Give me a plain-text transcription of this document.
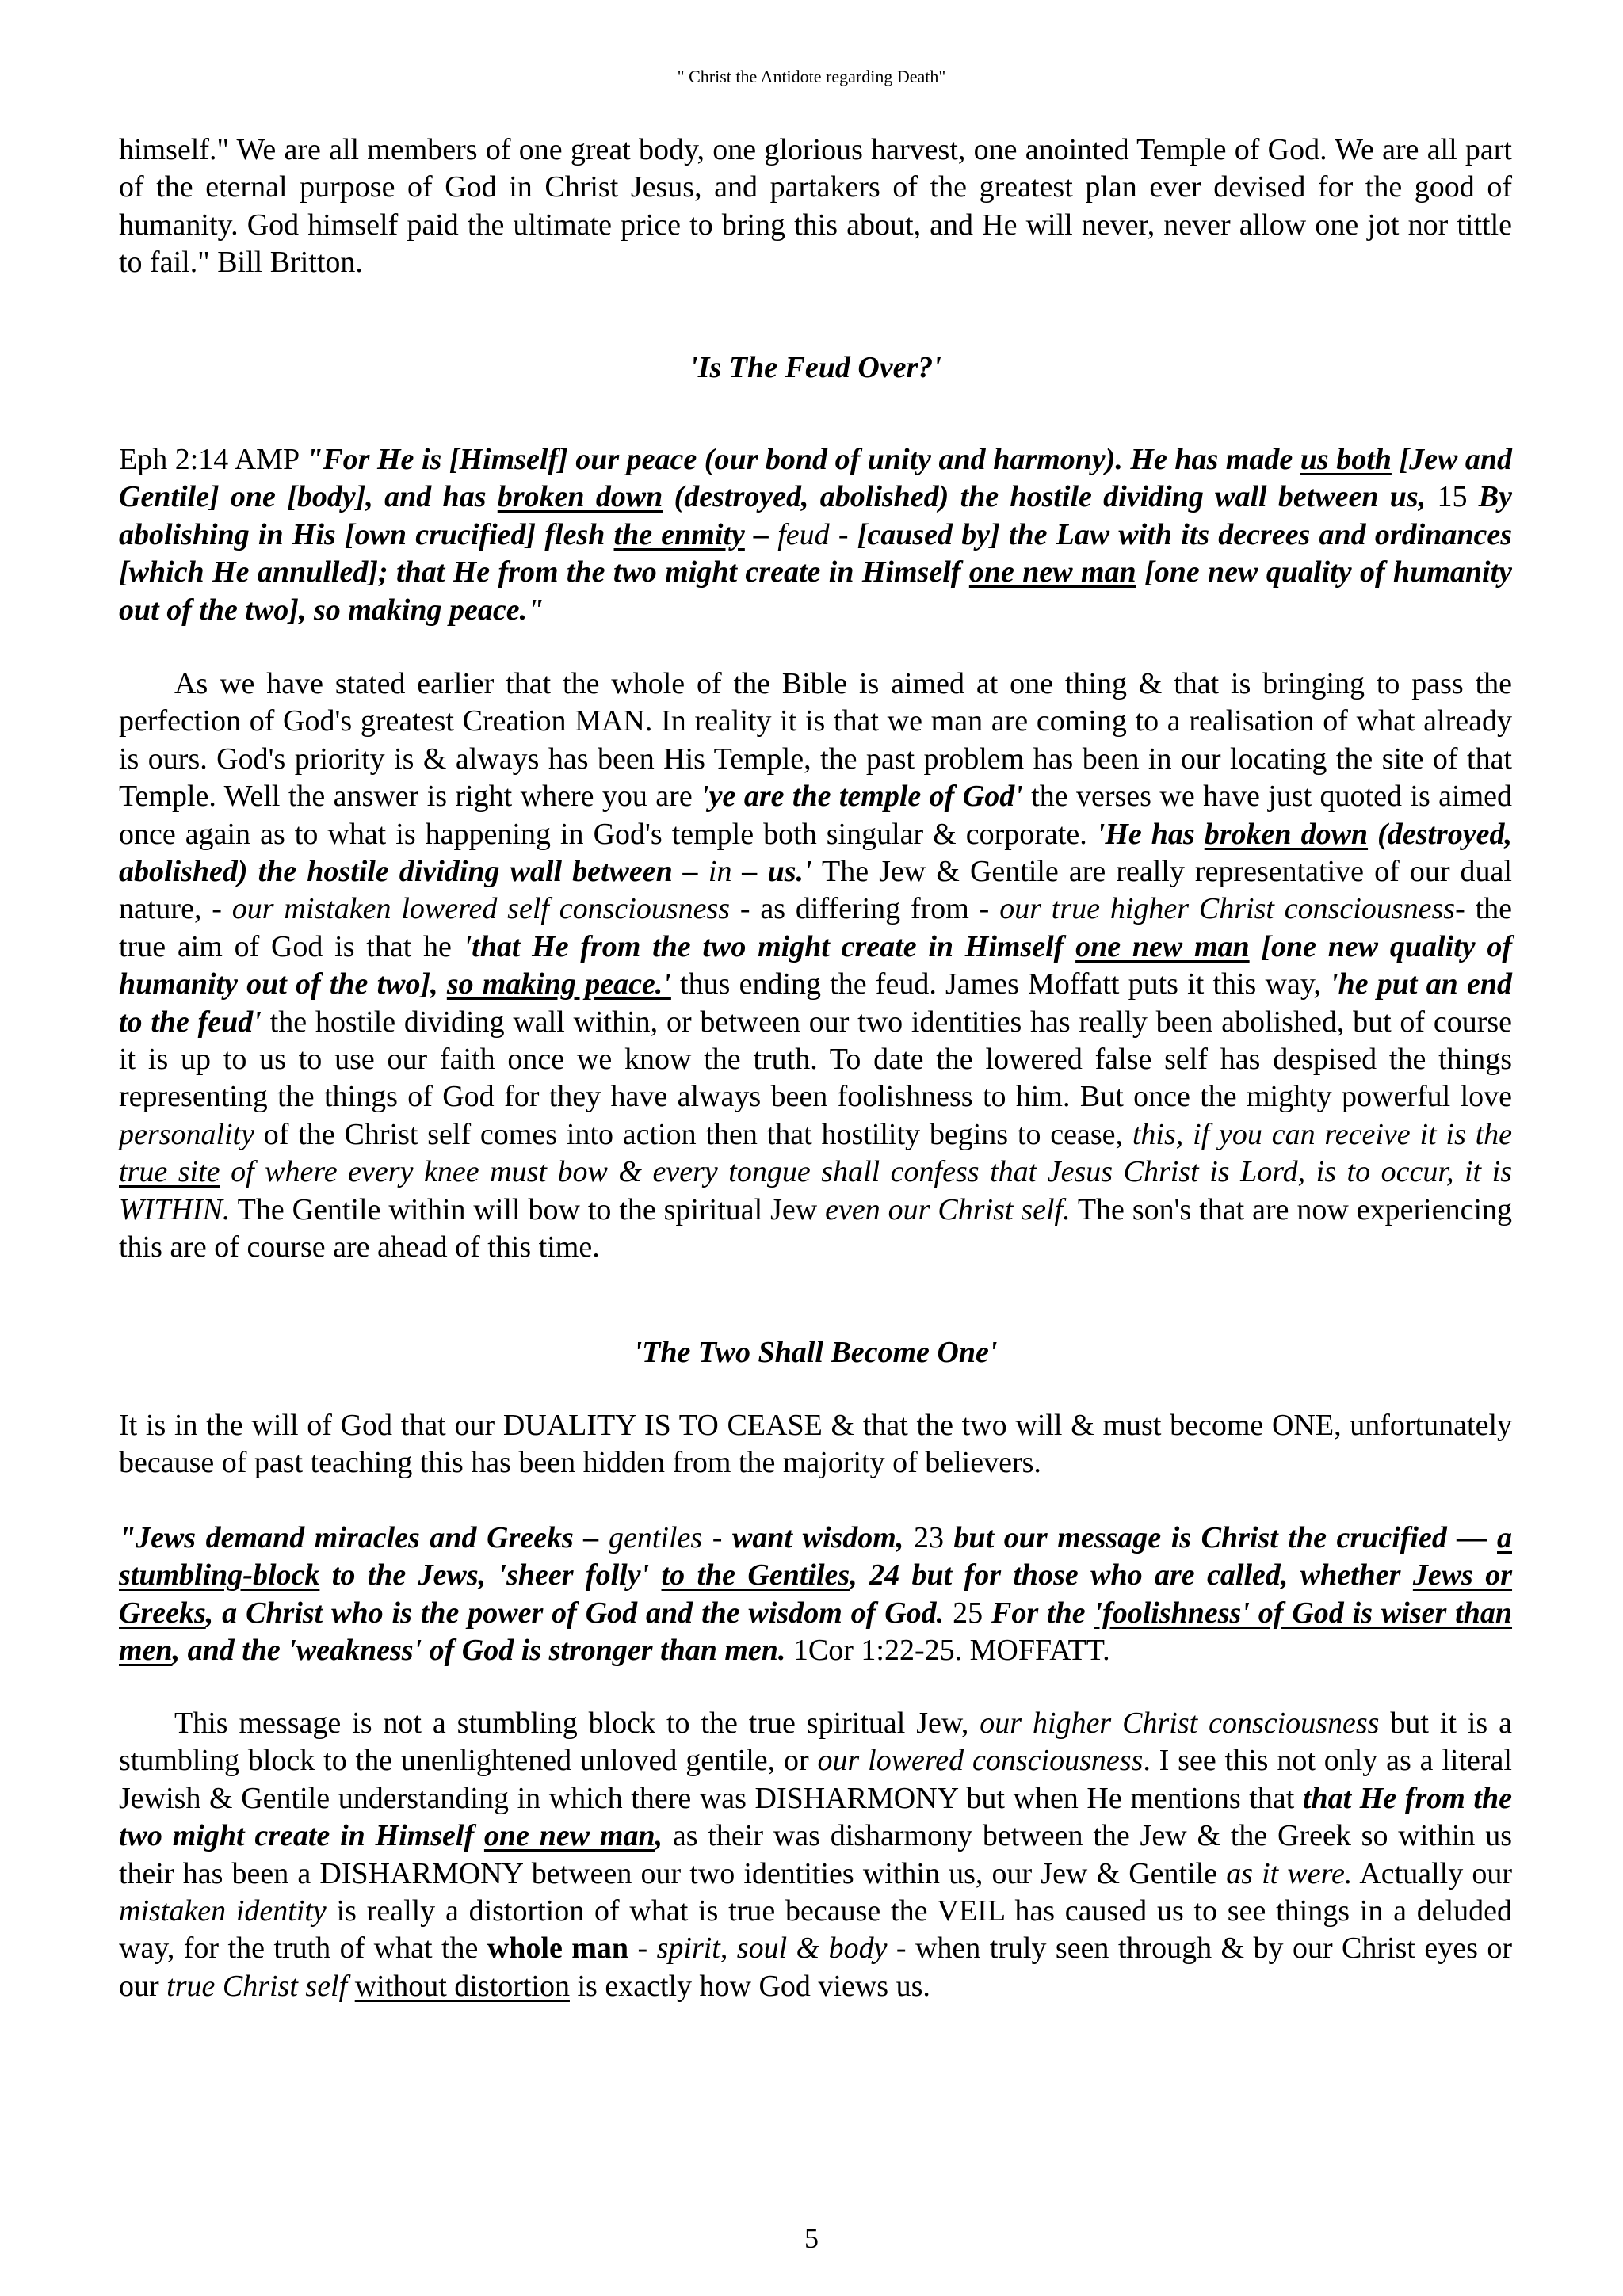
" Christ the Antidote regarding Death"
himself." We are all members of one great body, one glorious harvest, one anointed Temple of God. We are all part of the eternal purpose of God in Christ Jesus, and partakers of the greatest plan ever devised for the good of humanity. God himself paid the ultimate price to bring this about, and He will never, never allow one jot nor tittle to fail." Bill Britton.
'Is The Feud Over?'
Eph 2:14 AMP "For He is [Himself] our peace (our bond of unity and harmony). He has made us both [Jew and Gentile] one [body], and has broken down (destroyed, abolished) the hostile dividing wall between us, 15 By abolishing in His [own crucified] flesh the enmity – feud - [caused by] the Law with its decrees and ordinances [which He annulled]; that He from the two might create in Himself one new man [one new quality of humanity out of the two], so making peace."
As we have stated earlier that the whole of the Bible is aimed at one thing & that is bringing to pass the perfection of God's greatest Creation MAN. In reality it is that we man are coming to a realisation of what already is ours. God's priority is & always has been His Temple, the past problem has been in our locating the site of that Temple. Well the answer is right where you are 'ye are the temple of God' the verses we have just quoted is aimed once again as to what is happening in God's temple both singular & corporate. 'He has broken down (destroyed, abolished) the hostile dividing wall between – in – us.' The Jew & Gentile are really representative of our dual nature, - our mistaken lowered self consciousness - as differing from - our true higher Christ consciousness- the true aim of God is that he 'that He from the two might create in Himself one new man [one new quality of humanity out of the two], so making peace.' thus ending the feud. James Moffatt puts it this way, 'he put an end to the feud' the hostile dividing wall within, or between our two identities has really been abolished, but of course it is up to us to use our faith once we know the truth. To date the lowered false self has despised the things representing the things of God for they have always been foolishness to him. But once the mighty powerful love personality of the Christ self comes into action then that hostility begins to cease, this, if you can receive it is the true site of where every knee must bow & every tongue shall confess that Jesus Christ is Lord, is to occur, it is WITHIN. The Gentile within will bow to the spiritual Jew even our Christ self. The son's that are now experiencing this are of course are ahead of this time.
'The Two Shall Become One'
It is in the will of God that our DUALITY IS TO CEASE & that the two will & must become ONE, unfortunately because of past teaching this has been hidden from the majority of believers.
"Jews demand miracles and Greeks – gentiles - want wisdom, 23 but our message is Christ the crucified — a stumbling-block to the Jews, 'sheer folly' to the Gentiles, 24 but for those who are called, whether Jews or Greeks, a Christ who is the power of God and the wisdom of God. 25 For the 'foolishness' of God is wiser than men, and the 'weakness' of God is stronger than men. 1Cor 1:22-25. MOFFATT.
This message is not a stumbling block to the true spiritual Jew, our higher Christ consciousness but it is a stumbling block to the unenlightened unloved gentile, or our lowered consciousness. I see this not only as a literal Jewish & Gentile understanding in which there was DISHARMONY but when He mentions that that He from the two might create in Himself one new man, as their was disharmony between the Jew & the Greek so within us their has been a DISHARMONY between our two identities within us, our Jew & Gentile as it were. Actually our mistaken identity is really a distortion of what is true because the VEIL has caused us to see things in a deluded way, for the truth of what the whole man - spirit, soul & body - when truly seen through & by our Christ eyes or our true Christ self without distortion is exactly how God views us.
5
